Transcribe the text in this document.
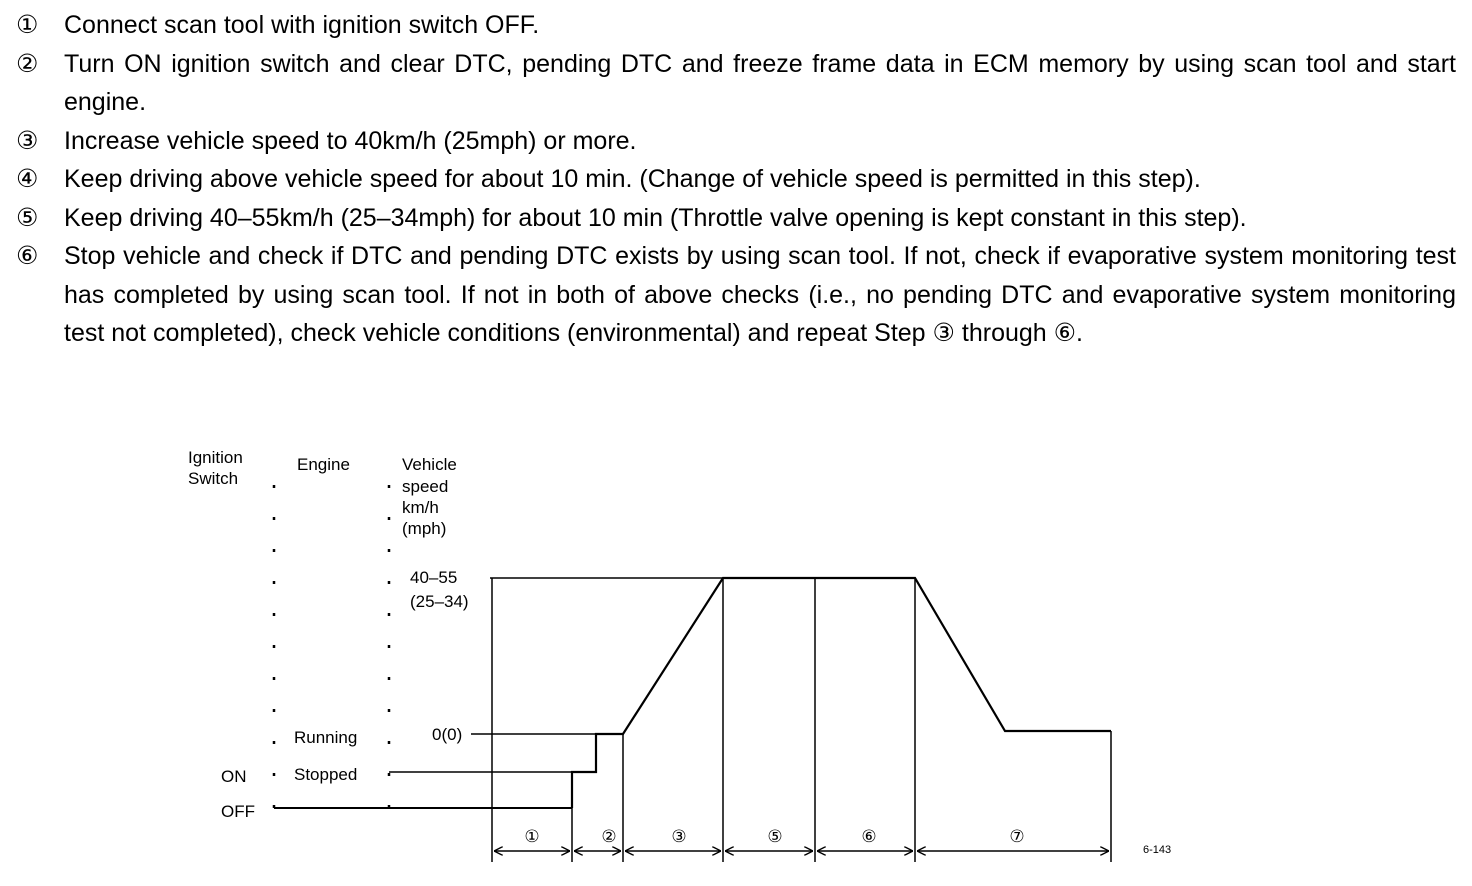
①	Connect scan tool with ignition switch OFF.
②	Turn ON ignition switch and clear DTC, pending DTC and freeze frame data in ECM memory by using scan tool and start engine.
③	Increase vehicle speed to 40km/h (25mph) or more.
④	Keep driving above vehicle speed for about 10 min. (Change of vehicle speed is permitted in this step).
⑤	Keep driving 40–55km/h (25–34mph) for about 10 min (Throttle valve opening is kept constant in this step).
⑥	Stop vehicle and check if DTC and pending DTC exists by using scan tool. If not, check if evaporative system monitoring test has completed by using scan tool. If not in both of above checks (i.e., no pending DTC and evaporative system monitoring test not completed), check vehicle conditions (environmental) and repeat Step ③ through ⑥.
Ignition
Switch
Engine	Vehicle
speed
km/h
(mph)
ON
OFF
Running
Stopped
40–55
(25–34)
0(0)
①	②	③	⑤	⑥	⑦
6-143
